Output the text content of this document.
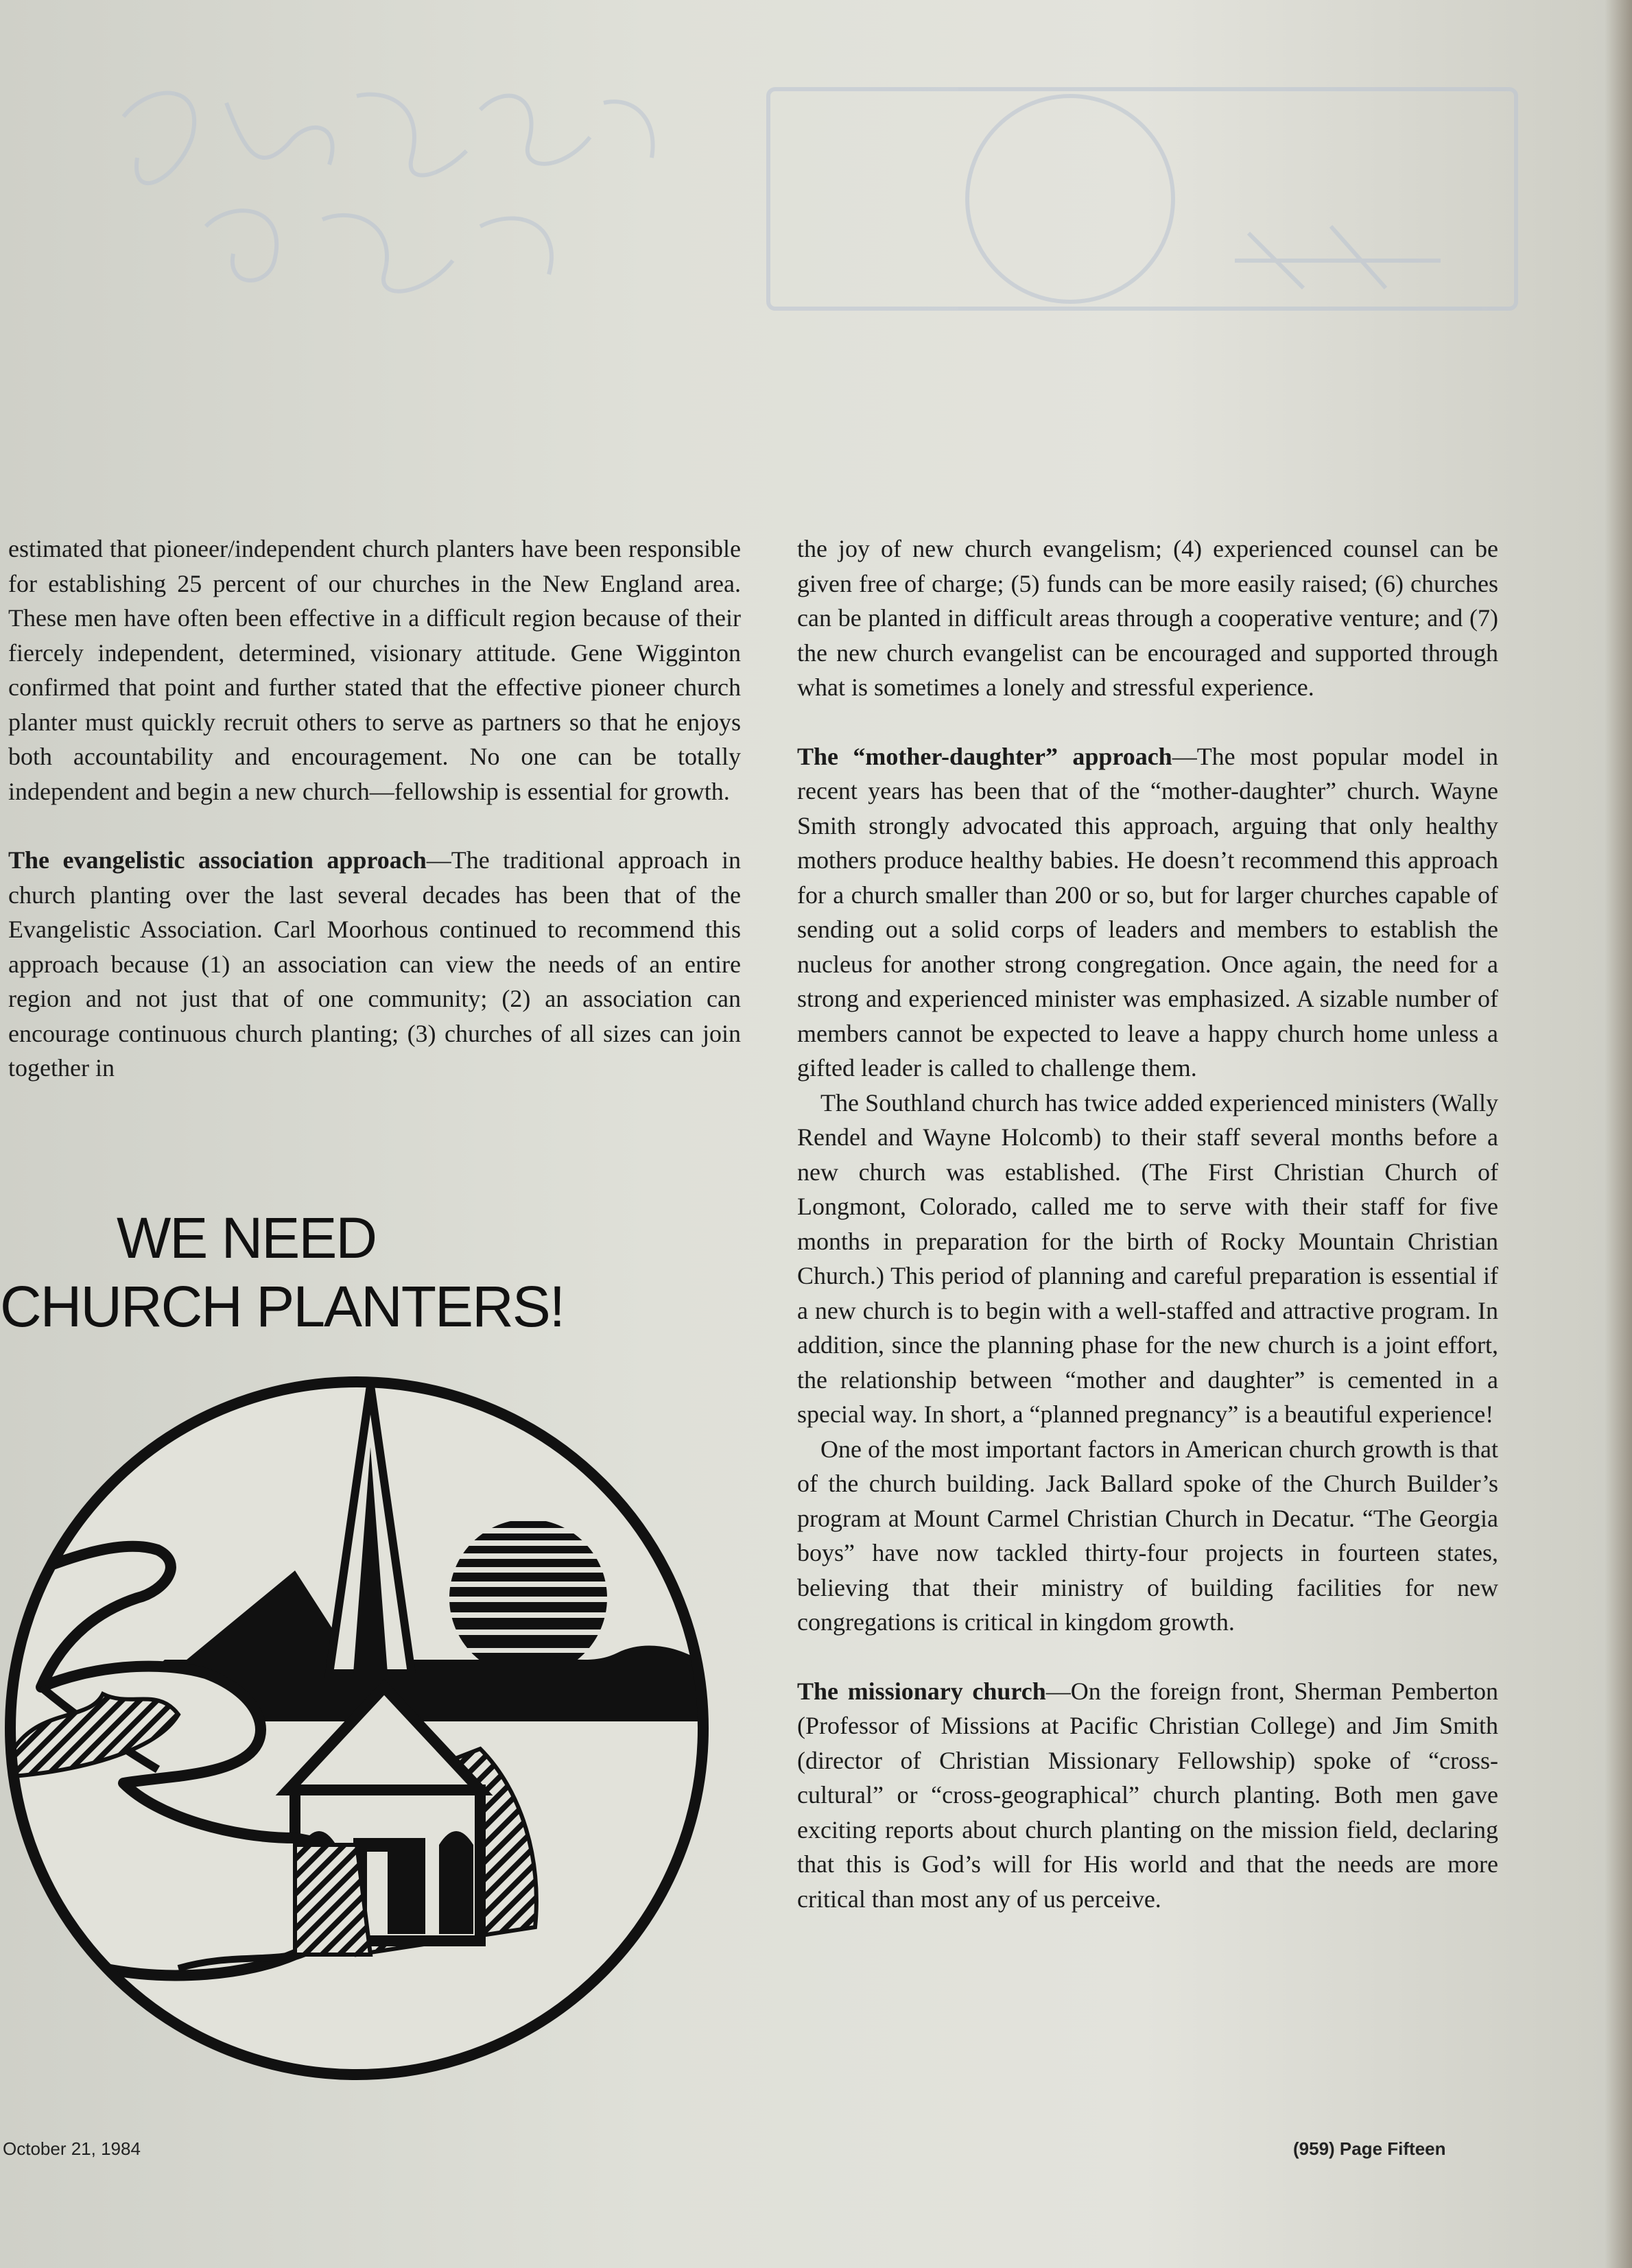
estimated that pioneer/independent church planters have been responsible for establishing 25 percent of our churches in the New England area. These men have often been effective in a difficult region because of their fiercely independent, determined, visionary attitude. Gene Wigginton confirmed that point and further stated that the effective pioneer church planter must quickly recruit others to serve as partners so that he enjoys both accountability and encouragement. No one can be totally independent and begin a new church—fellowship is essential for growth.

The evangelistic association approach—The traditional approach in church planting over the last several decades has been that of the Evangelistic Association. Carl Moorhous continued to recommend this approach because (1) an association can view the needs of an entire region and not just that of one community; (2) an association can encourage continuous church planting; (3) churches of all sizes can join together in

WE NEED
CHURCH PLANTERS!

the joy of new church evangelism; (4) experienced counsel can be given free of charge; (5) funds can be more easily raised; (6) churches can be planted in difficult areas through a cooperative venture; and (7) the new church evangelist can be encouraged and supported through what is sometimes a lonely and stressful experience.

The “mother-daughter” approach—The most popular model in recent years has been that of the “mother-daughter” church. Wayne Smith strongly advocated this approach, arguing that only healthy mothers produce healthy babies. He doesn’t recommend this approach for a church smaller than 200 or so, but for larger churches capable of sending out a solid corps of leaders and members to establish the nucleus for another strong congregation. Once again, the need for a strong and experienced minister was emphasized. A sizable number of members cannot be expected to leave a happy church home unless a gifted leader is called to challenge them.

The Southland church has twice added experienced ministers (Wally Rendel and Wayne Holcomb) to their staff several months before a new church was established. (The First Christian Church of Longmont, Colorado, called me to serve with their staff for five months in preparation for the birth of Rocky Mountain Christian Church.) This period of planning and careful preparation is essential if a new church is to begin with a well-staffed and attractive program. In addition, since the planning phase for the new church is a joint effort, the relationship between “mother and daughter” is cemented in a special way. In short, a “planned pregnancy” is a beautiful experience!

One of the most important factors in American church growth is that of the church building. Jack Ballard spoke of the Church Builder’s program at Mount Carmel Christian Church in Decatur. “The Georgia boys” have now tackled thirty-four projects in fourteen states, believing that their ministry of building facilities for new congregations is critical in kingdom growth.

The missionary church—On the foreign front, Sherman Pemberton (Professor of Missions at Pacific Christian College) and Jim Smith (director of Christian Missionary Fellowship) spoke of “cross-cultural” or “cross-geographical” church planting. Both men gave exciting reports about church planting on the mission field, declaring that this is God’s will for His world and that the needs are more critical than most any of us perceive.

October 21, 1984	(959) Page Fifteen
